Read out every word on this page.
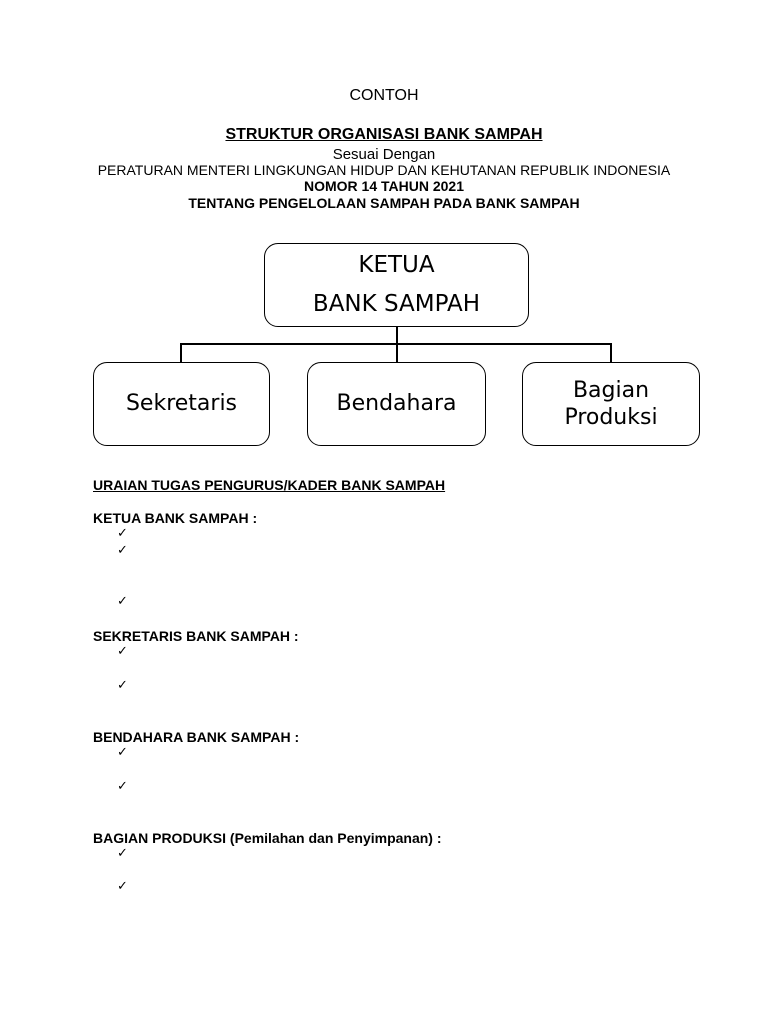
CONTOH
STRUKTUR ORGANISASI BANK SAMPAH
Sesuai Dengan
PERATURAN MENTERI LINGKUNGAN HIDUP DAN KEHUTANAN REPUBLIK INDONESIA
NOMOR 14 TAHUN 2021
TENTANG PENGELOLAAN SAMPAH PADA BANK SAMPAH
KETUA
BANK SAMPAH
Sekretaris	Bendahara
Bagian
Produksi
URAIAN TUGAS PENGURUS/KADER BANK SAMPAH
KETUA BANK SAMPAH :
✓
✓
✓
SEKRETARIS BANK SAMPAH :
✓
✓
BENDAHARA BANK SAMPAH :
✓
✓
BAGIAN PRODUKSI (Pemilahan dan Penyimpanan) :
✓
✓
